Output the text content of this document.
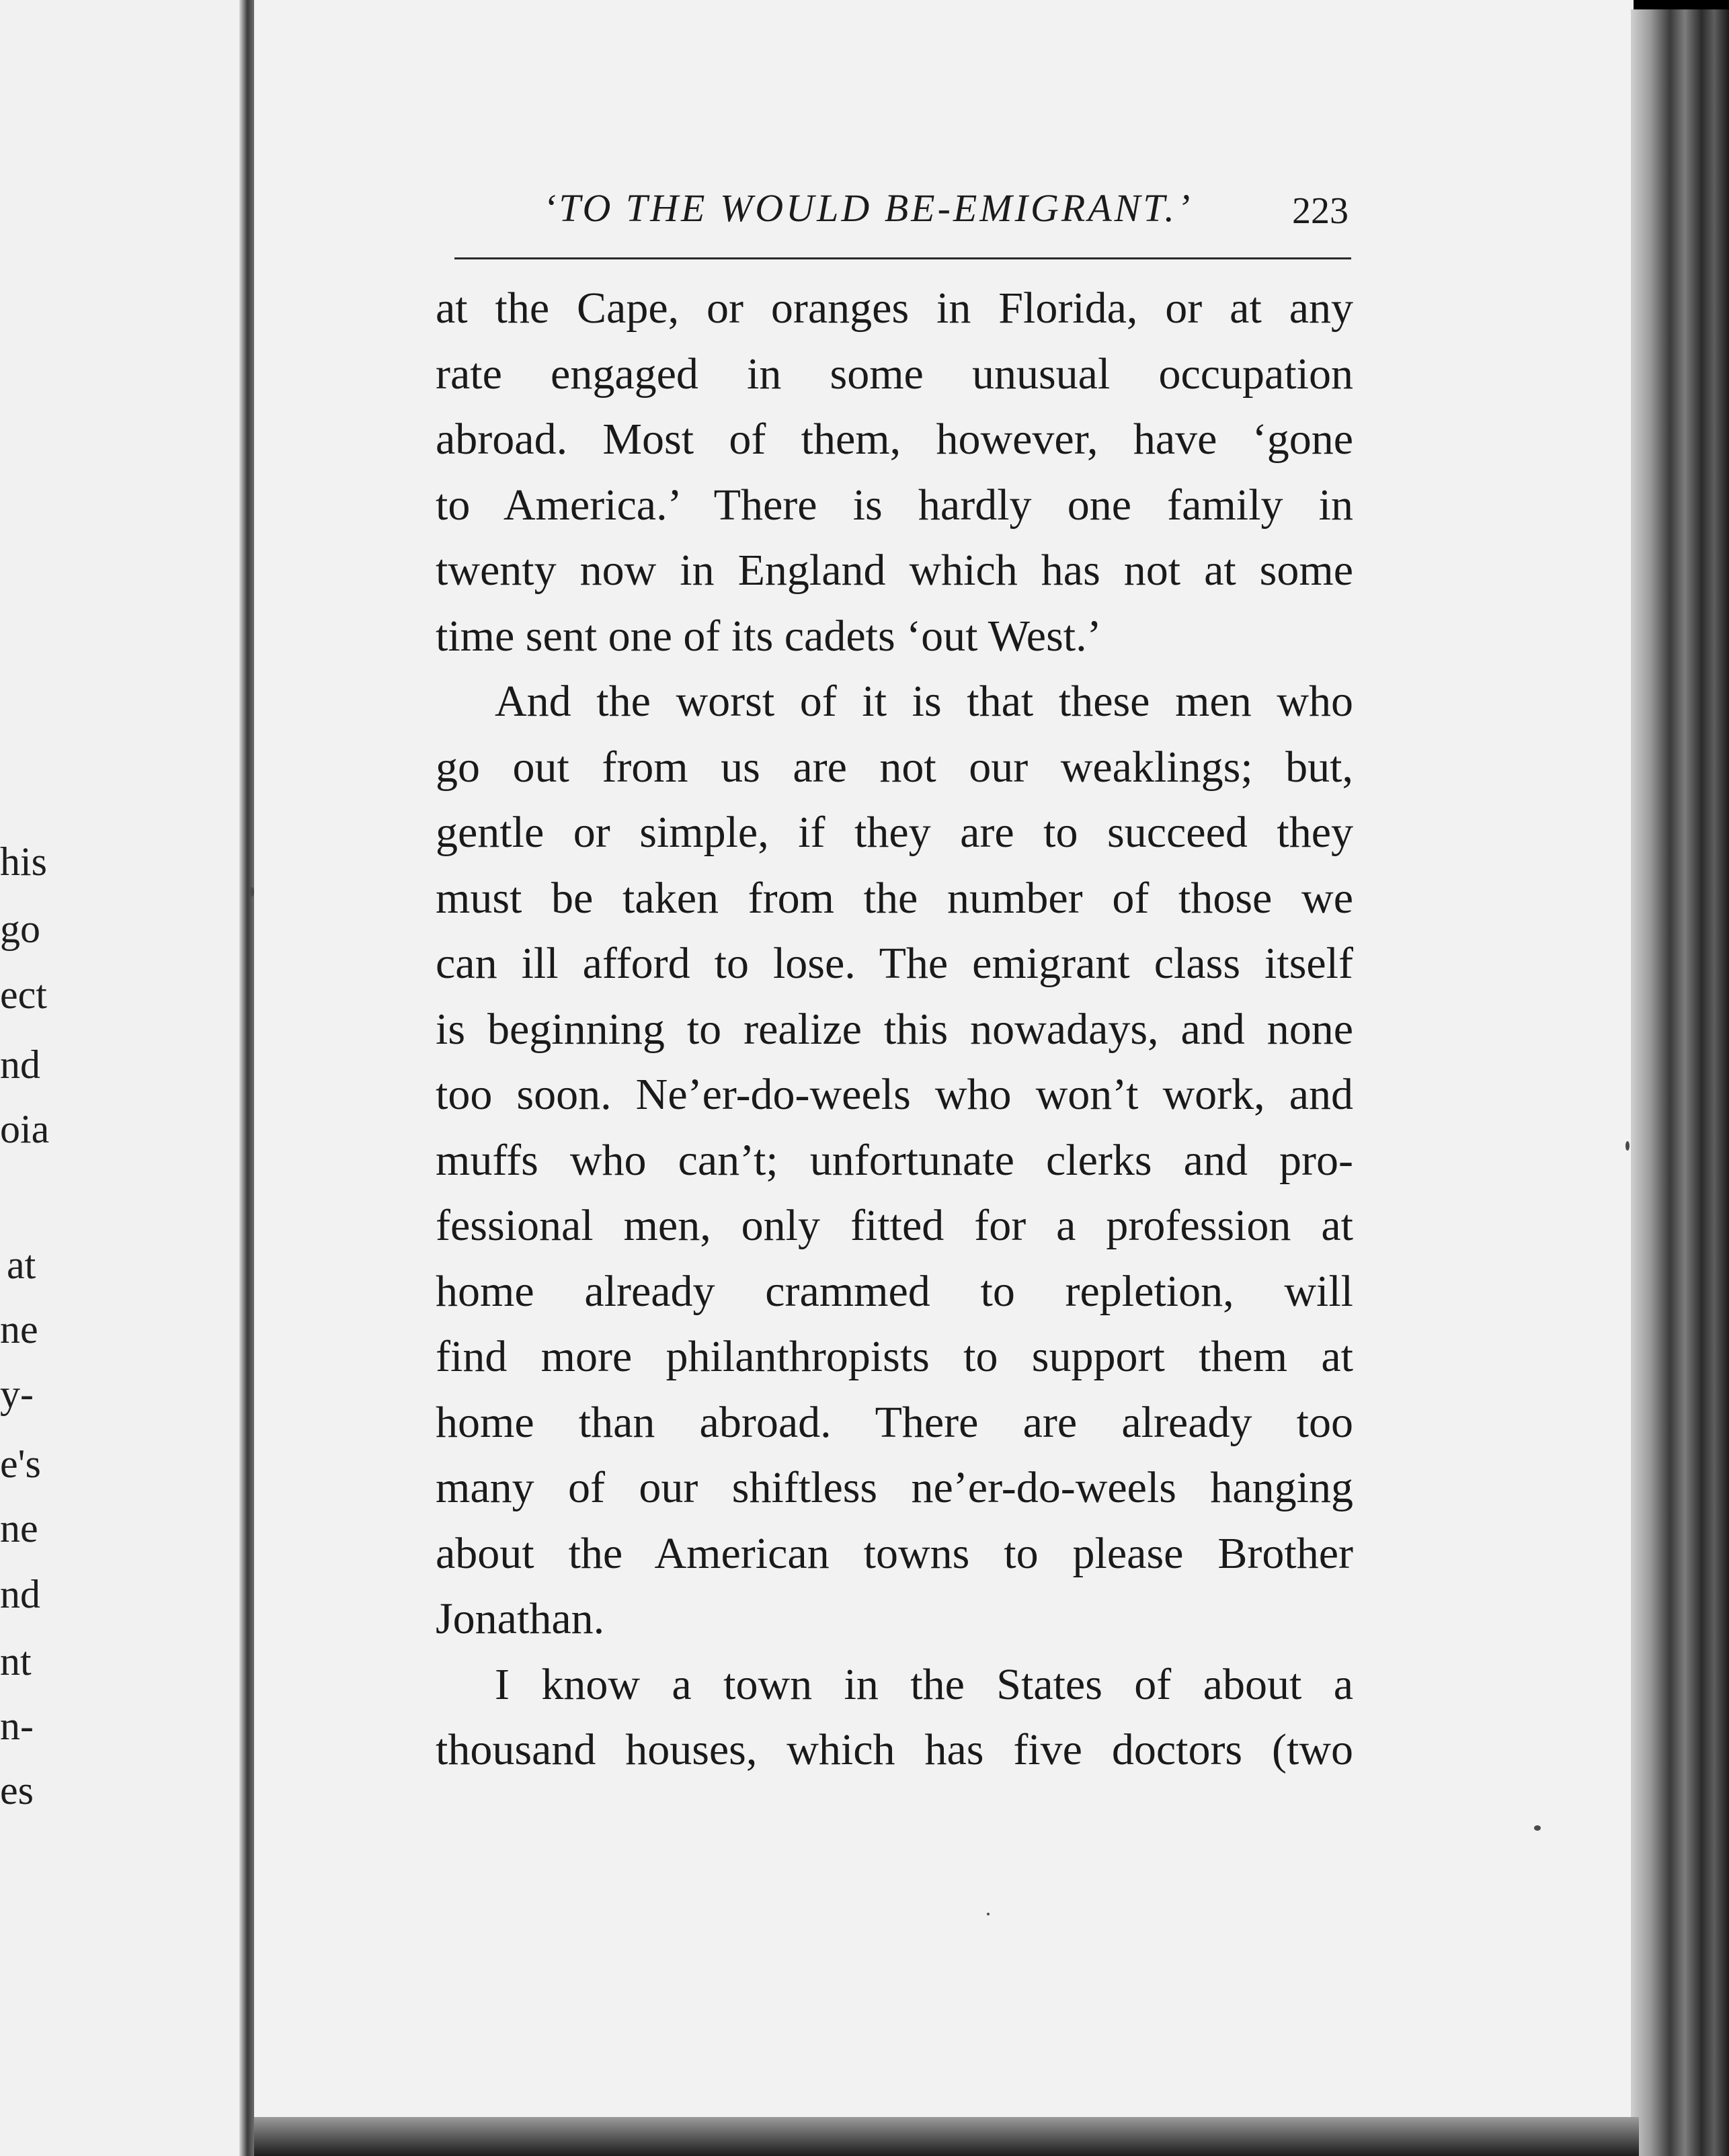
his
go
ect
nd
oia
at
ne
y-
e's
ne
nd
nt
n-
es
‘TO THE WOULD BE-EMIGRANT.’	223
at the Cape, or oranges in Florida, or at any
rate engaged in some unusual occupation
abroad. Most of them, however, have ‘gone
to America.’ There is hardly one family in
twenty now in England which has not at some
time sent one of its cadets ‘out West.’
And the worst of it is that these men who
go out from us are not our weaklings; but,
gentle or simple, if they are to succeed they
must be taken from the number of those we
can ill afford to lose. The emigrant class itself
is beginning to realize this nowadays, and none
too soon. Ne’er-do-weels who won’t work, and
muffs who can’t; unfortunate clerks and pro-
fessional men, only fitted for a profession at
home already crammed to repletion, will
find more philanthropists to support them at
home than abroad. There are already too
many of our shiftless ne’er-do-weels hanging
about the American towns to please Brother
Jonathan.
I know a town in the States of about a
thousand houses, which has five doctors (two
